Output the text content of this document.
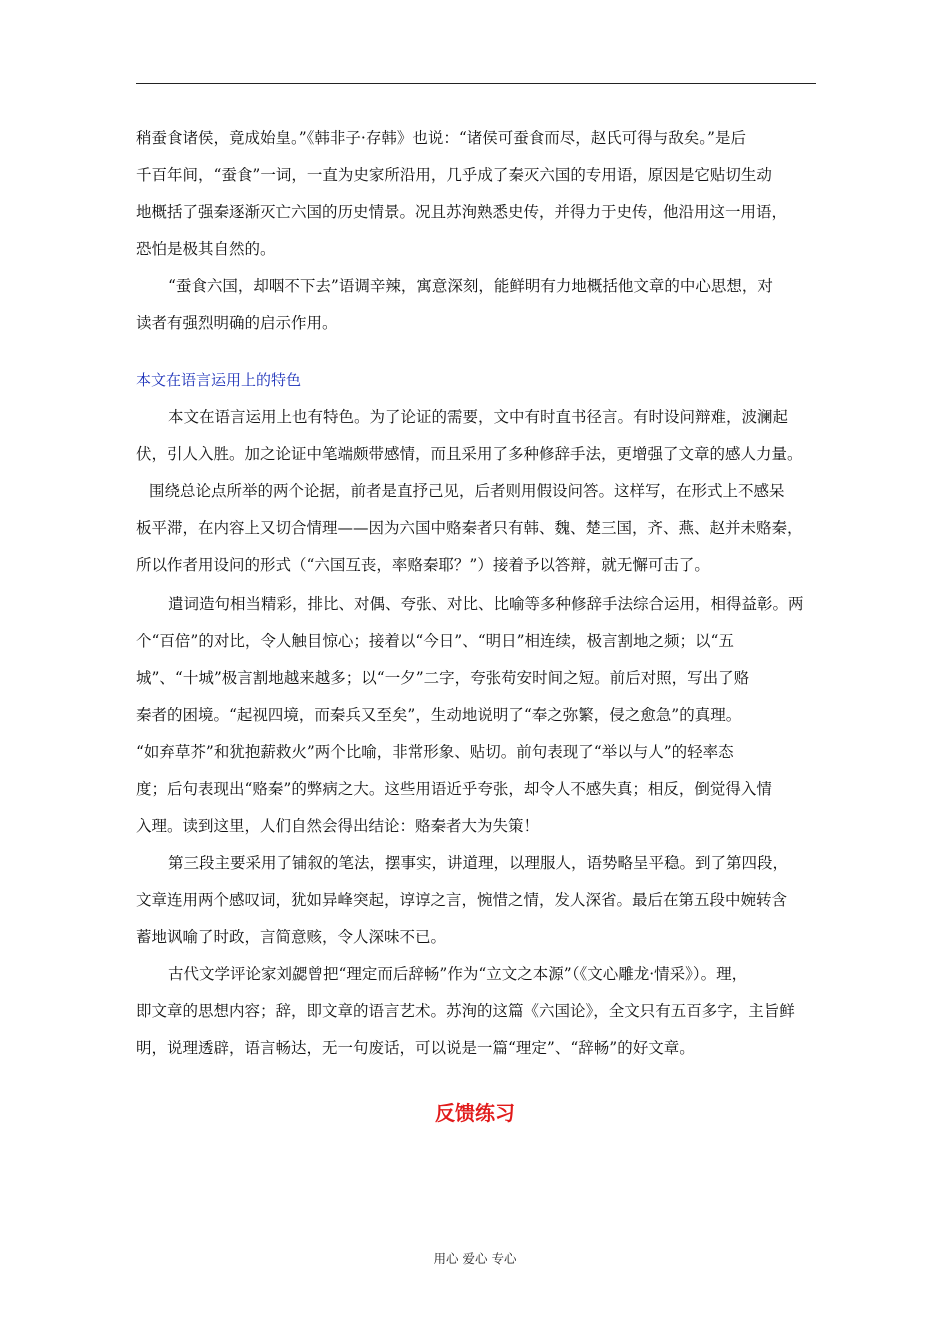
稍蚕食诸侯，竟成始皇。”《韩非子·存韩》也说：“诸侯可蚕食而尽，赵氏可得与敌矣。”是后
千百年间，“蚕食”一词，一直为史家所沿用，几乎成了秦灭六国的专用语，原因是它贴切生动
地概括了强秦逐渐灭亡六国的历史情景。况且苏洵熟悉史传，并得力于史传，他沿用这一用语，
恐怕是极其自然的。
“蚕食六国，却咽不下去”语调辛辣，寓意深刻，能鲜明有力地概括他文章的中心思想，对
读者有强烈明确的启示作用。
本文在语言运用上的特色
本文在语言运用上也有特色。为了论证的需要，文中有时直书径言。有时设问辩难，波澜起
伏，引人入胜。加之论证中笔端颇带感情，而且采用了多种修辞手法，更增强了文章的感人力量。
围绕总论点所举的两个论据，前者是直抒己见，后者则用假设问答。这样写，在形式上不感呆
板平滞，在内容上又切合情理——因为六国中赂秦者只有韩、魏、楚三国，齐、燕、赵并未赂秦，
所以作者用设问的形式（“六国互丧，率赂秦耶？”）接着予以答辩，就无懈可击了。
遣词造句相当精彩，排比、对偶、夸张、对比、比喻等多种修辞手法综合运用，相得益彰。两
个“百倍”的对比，令人触目惊心；接着以“今日”、“明日”相连续，极言割地之频；以“五
城”、“十城”极言割地越来越多；以“一夕”二字，夸张苟安时间之短。前后对照，写出了赂
秦者的困境。“起视四境，而秦兵又至矣”，生动地说明了“奉之弥繁，侵之愈急”的真理。
“如弃草芥”和犹抱薪救火”两个比喻，非常形象、贴切。前句表现了“举以与人”的轻率态
度；后句表现出“赂秦”的弊病之大。这些用语近乎夸张，却令人不感失真；相反，倒觉得入情
入理。读到这里，人们自然会得出结论：赂秦者大为失策！
第三段主要采用了铺叙的笔法，摆事实，讲道理，以理服人，语势略呈平稳。到了第四段，
文章连用两个感叹词，犹如异峰突起，谆谆之言，惋惜之情，发人深省。最后在第五段中婉转含
蓄地讽喻了时政，言简意赅，令人深味不已。
古代文学评论家刘勰曾把“理定而后辞畅”作为“立文之本源”（《文心雕龙·情采》）。理，
即文章的思想内容；辞，即文章的语言艺术。苏洵的这篇《六国论》，全文只有五百多字，主旨鲜
明，说理透辟，语言畅达，无一句废话，可以说是一篇“理定”、“辞畅”的好文章。
反馈练习
用心 爱心 专心
